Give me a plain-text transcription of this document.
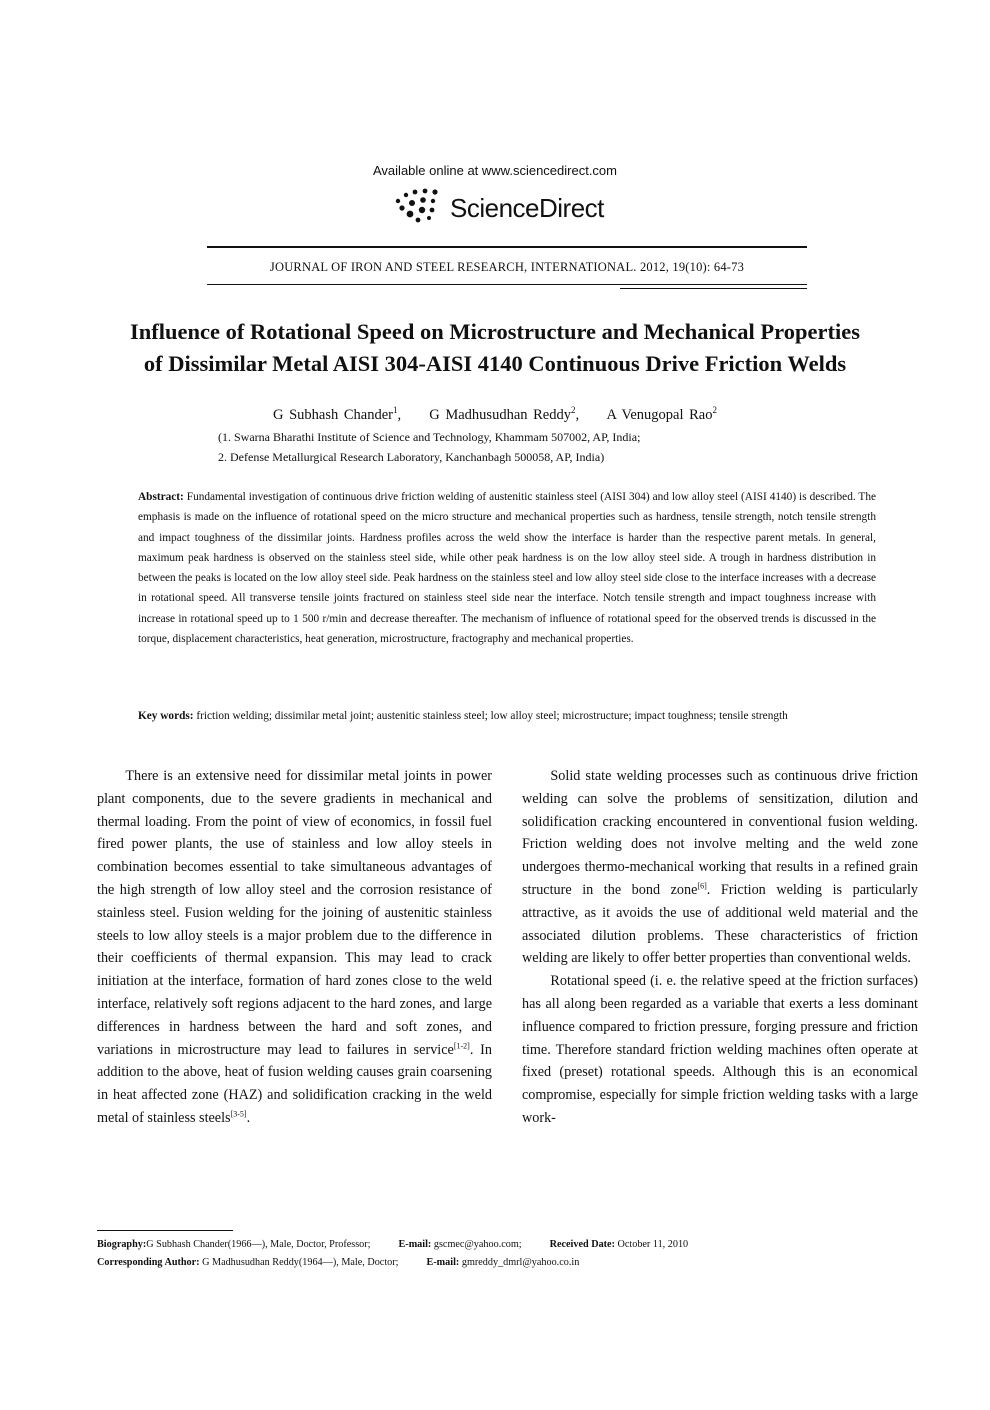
Available online at www.sciencedirect.com
ScienceDirect
JOURNAL OF IRON AND STEEL RESEARCH, INTERNATIONAL. 2012, 19(10): 64-73
Influence of Rotational Speed on Microstructure and Mechanical Properties
of Dissimilar Metal AISI 304-AISI 4140 Continuous Drive Friction Welds
G Subhash Chander$^1$,     G Madhusudhan Reddy$^2$,     A Venugopal Rao$^2$
(1. Swarna Bharathi Institute of Science and Technology, Khammam 507002, AP, India;
2. Defense Metallurgical Research Laboratory, Kanchanbagh 500058, AP, India)
Abstract: Fundamental investigation of continuous drive friction welding of austenitic stainless steel (AISI 304) and low alloy steel (AISI 4140) is described. The emphasis is made on the influence of rotational speed on the micro structure and mechanical properties such as hardness, tensile strength, notch tensile strength and impact toughness of the dissimilar joints. Hardness profiles across the weld show the interface is harder than the respective parent metals. In general, maximum peak hardness is observed on the stainless steel side, while other peak hardness is on the low alloy steel side. A trough in hardness distribution in between the peaks is located on the low alloy steel side. Peak hardness on the stainless steel and low alloy steel side close to the interface increases with a decrease in rotational speed. All transverse tensile joints fractured on stainless steel side near the interface. Notch tensile strength and impact toughness increase with increase in rotational speed up to 1 500 r/min and decrease thereafter. The mechanism of influence of rotational speed for the observed trends is discussed in the torque, displacement characteristics, heat generation, microstructure, fractography and mechanical properties.
Key words: friction welding; dissimilar metal joint; austenitic stainless steel; low alloy steel; microstructure; impact toughness; tensile strength

There is an extensive need for dissimilar metal joints in power plant components, due to the severe gradients in mechanical and thermal loading. From the point of view of economics, in fossil fuel fired power plants, the use of stainless and low alloy steels in combination becomes essential to take simultaneous advantages of the high strength of low alloy steel and the corrosion resistance of stainless steel. Fusion welding for the joining of austenitic stainless steels to low alloy steels is a major problem due to the difference in their coefficients of thermal expansion. This may lead to crack initiation at the interface, formation of hard zones close to the weld interface, relatively soft regions adjacent to the hard zones, and large differences in hardness between the hard and soft zones, and variations in microstructure may lead to failures in service[1-2]. In addition to the above, heat of fusion welding causes grain coarsening in heat affected zone (HAZ) and solidification cracking in the weld metal of stainless steels[3-5].

Solid state welding processes such as continuous drive friction welding can solve the problems of sensitization, dilution and solidification cracking encountered in conventional fusion welding. Friction welding does not involve melting and the weld zone undergoes thermo-mechanical working that results in a refined grain structure in the bond zone[6]. Friction welding is particularly attractive, as it avoids the use of additional weld material and the associated dilution problems. These characteristics of friction welding are likely to offer better properties than conventional welds.

Rotational speed (i. e. the relative speed at the friction surfaces) has all along been regarded as a variable that exerts a less dominant influence compared to friction pressure, forging pressure and friction time. Therefore standard friction welding machines often operate at fixed (preset) rotational speeds. Although this is an economical compromise, especially for simple friction welding tasks with a large work-

Biography:G Subhash Chander(1966—), Male, Doctor, Professor;	E-mail: gscmec@yahoo.com;	Received Date: October 11, 2010
Corresponding Author: G Madhusudhan Reddy(1964—), Male, Doctor;	E-mail: gmreddy_dmrl@yahoo.co.in
